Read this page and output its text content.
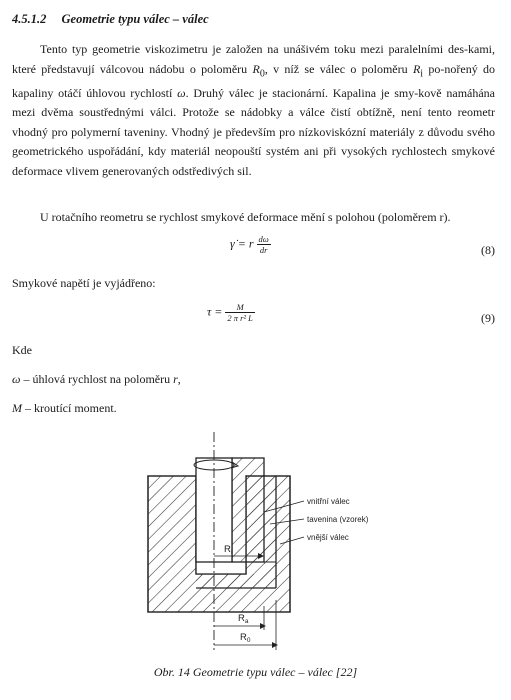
4.5.1.2 Geometrie typu válec – válec

Tento typ geometrie viskozimetru je založen na unášivém toku mezi paralelními des-kami, které představují válcovou nádobu o poloměru $R_0$, v níž se válec o poloměru $R_i$ po-nořený do kapaliny otáčí úhlovou rychlostí ω. Druhý válec je stacionární. Kapalina je smy-kově namáhána mezi dvěma soustřednými válci. Protože se nádobky a válce čistí obtížně, není tento reometr vhodný pro polymerní taveniny. Vhodný je především pro nízkoviskózní materiály z důvodu svého geometrického uspořádání, kdy materiál neopouští systém ani při vysokých rychlostech smykové deformace vlivem generovaných odstředivých sil.

U rotačního reometru se rychlost smykové deformace mění s polohou (poloměrem r).

γ̇ = r $\frac{d\omega}{dr}$	(8)
Smykové napětí je vyjádřeno:
$\tau = \frac{M}{\text{2 π r² L}}$	(9)
Kde
ω – úhlová rychlost na poloměru r,
M – kroutící moment.
vnitřní válec
tavenina (vzorek)
vnější válec
$R_i$
$R_a$
$R_0$
Obr. 14 Geometrie typu válec – válec [22]
